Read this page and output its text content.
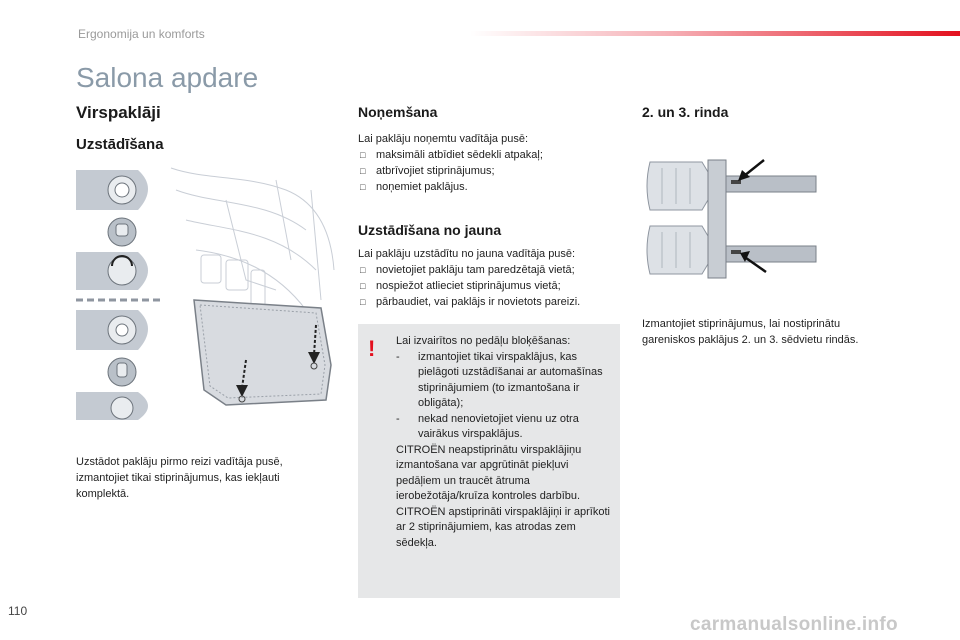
Ergonomija un komforts
Salona apdare
Virspaklāji
Uzstādīšana
Uzstādot paklāju pirmo reizi vadītāja pusē, izmantojiet tikai stiprinājumus, kas iekļauti komplektā.
Noņemšana
Lai paklāju noņemtu vadītāja pusē:
□ maksimāli atbīdiet sēdekli atpakaļ;
□ atbrīvojiet stiprinājumus;
□ noņemiet paklājus.
Uzstādīšana no jauna
Lai paklāju uzstādītu no jauna vadītāja pusē:
□ novietojiet paklāju tam paredzētajā vietā;
□ nospiežot atlieciet stiprinājumus vietā;
□ pārbaudiet, vai paklājs ir novietots pareizi.
! Lai izvairītos no pedāļu bloķēšanas:
- izmantojiet tikai virspaklājus, kas pielāgoti uzstādīšanai ar automašīnas stiprinājumiem (to izmantošana ir obligāta);
- nekad nenovietojiet vienu uz otra vairākus virspaklājus.
CITROËN neapstiprinātu virspaklājiņu izmantošana var apgrūtināt piekļuvi pedāļiem un traucēt ātruma ierobežotāja/kruīza kontroles darbību.
CITROËN apstiprināti virspaklājiņi ir aprīkoti ar 2 stiprinājumiem, kas atrodas zem sēdekļa.
2. un 3. rinda
Izmantojiet stiprinājumus, lai nostiprinātu gareniskos paklājus 2. un 3. sēdvietu rindās.
110
carmanualsonline.info
